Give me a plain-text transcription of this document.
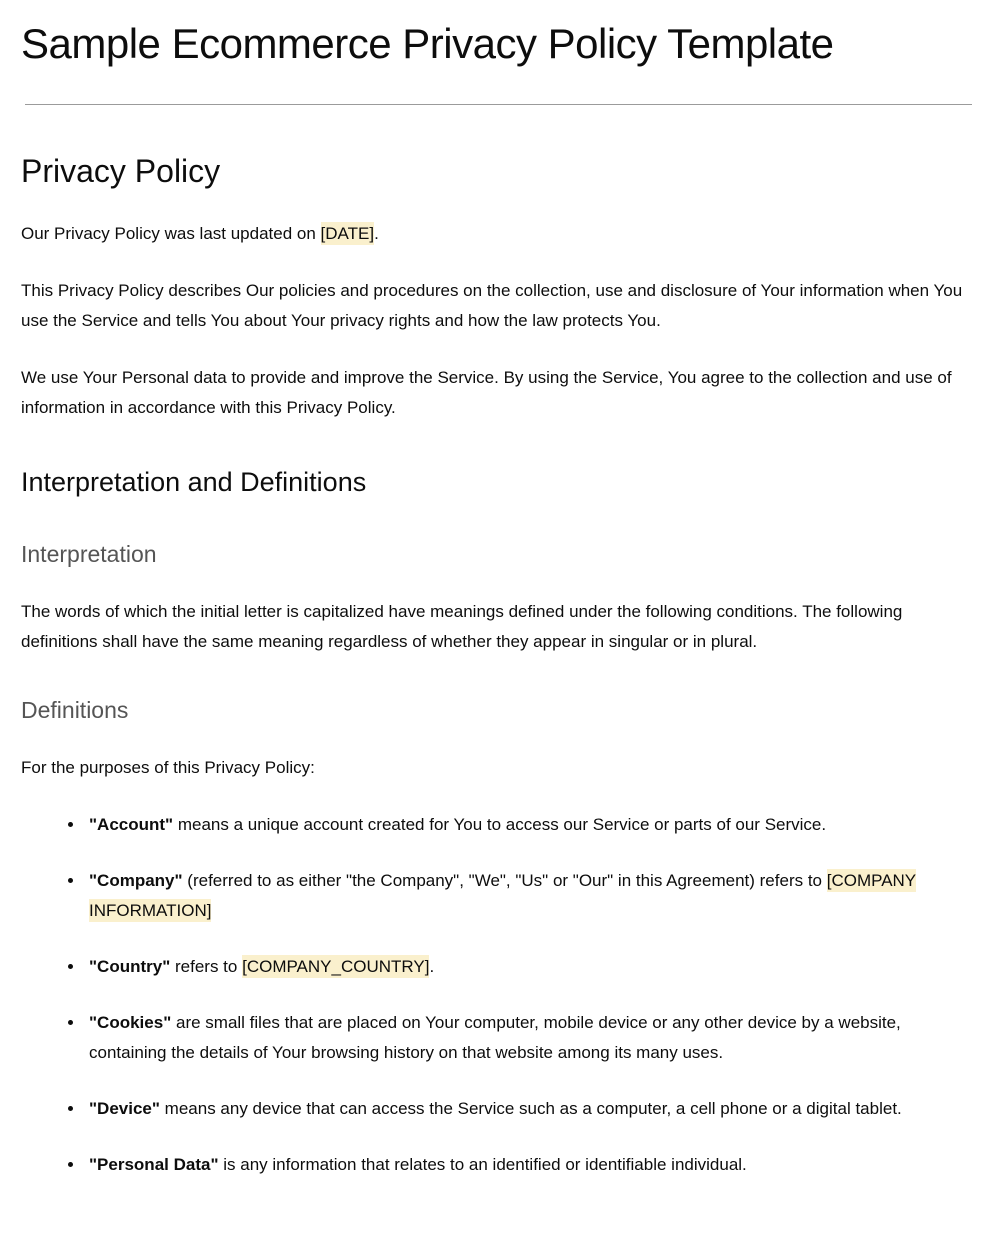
Sample Ecommerce Privacy Policy Template
Privacy Policy

Our Privacy Policy was last updated on [DATE].

This Privacy Policy describes Our policies and procedures on the collection, use and disclosure of Your information when You use the Service and tells You about Your privacy rights and how the law protects You.

We use Your Personal data to provide and improve the Service. By using the Service, You agree to the collection and use of information in accordance with this Privacy Policy.

Interpretation and Definitions
Interpretation

The words of which the initial letter is capitalized have meanings defined under the following conditions. The following definitions shall have the same meaning regardless of whether they appear in singular or in plural.

Definitions

For the purposes of this Privacy Policy:

• "Account" means a unique account created for You to access our Service or parts of our Service.
• "Company" (referred to as either "the Company", "We", "Us" or "Our" in this Agreement) refers to [COMPANY INFORMATION]
• "Country" refers to [COMPANY_COUNTRY].
• "Cookies" are small files that are placed on Your computer, mobile device or any other device by a website, containing the details of Your browsing history on that website among its many uses.
• "Device" means any device that can access the Service such as a computer, a cell phone or a digital tablet.
• "Personal Data" is any information that relates to an identified or identifiable individual.
